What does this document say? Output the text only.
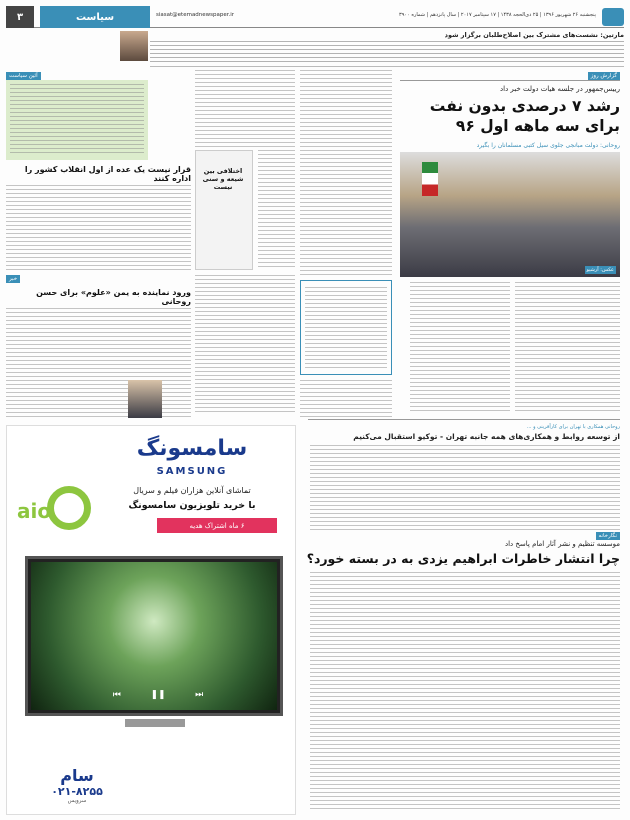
پنجشنبه ۲۶ شهریور ۱۳۹۶ | ۲۵ ذی‌الحجه ۱۴۳۸ | ۱۷ سپتامبر ۲۰۱۷ | سال پانزدهم | شماره ۳۹۰۰
siasat@etemadnewspaper.ir
سیاست
۳
مارتین: نشست‌های مشترک بین اصلاح‌طلبان برگزار شود
گزارش روز
رییس‌جمهور در جلسه هیات دولت خبر داد
رشد ۷ درصدی بدون نفت برای سه ماهه اول ۹۶
روحانی: دولت مبانجی جلوی سیل کتبی مسلمانان را بگیرد
عکس: آرشیو
روحانی همکاری با تهران برای کارآفرینی و ...
از توسعه روابط و همکاری‌های همه جانبه تهران - توکیو استقبال می‌کنیم
نگارخانه
موسسه تنظیم و نشر آثار امام پاسخ داد
چرا انتشار خاطرات ابراهیم یزدی به در بسته خورد؟
اختلافی بین شیعه و سنی نیست
آئین سیاست
قرار نیست یک عده از اول انقلاب کشور را اداره کنند
خبر
ورود نماینده به‌ یمن «علوم» برای حسن روحانی
سامسونگ
SAMSUNG
تماشای آنلاین هزاران فیلم و سریال
با خرید تلویزیون سامسونگ
۶ ماه اشتراک هدیه
aio
⏮	❚❚	⏭
سام
۰۲۱-۸۲۵۵
سرویس
